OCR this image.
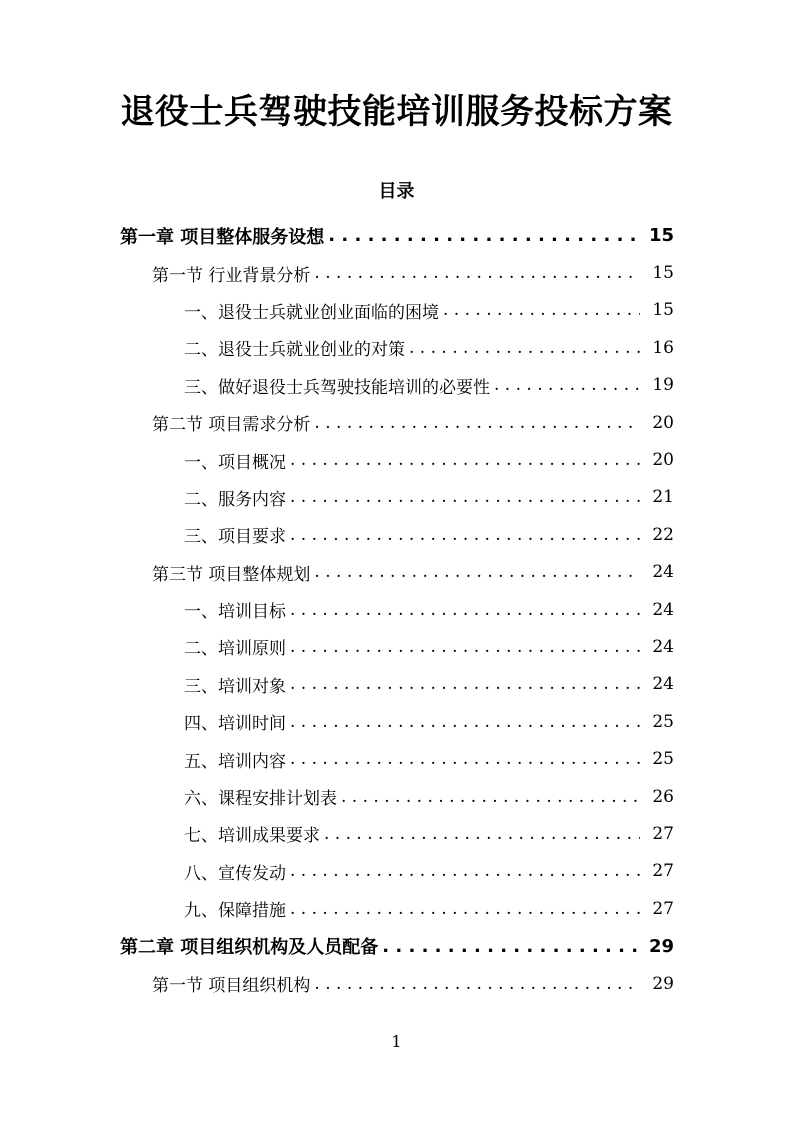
退役士兵驾驶技能培训服务投标方案
目录
第一章 项目整体服务设想 . . .	15
第一节 行业背景分析 . . .	15
一、退役士兵就业创业面临的困境 . . .	15
二、退役士兵就业创业的对策 . . .	16
三、做好退役士兵驾驶技能培训的必要性 . . .	19
第二节 项目需求分析 . . .	20
一、项目概况 . . .	20
二、服务内容 . . .	21
三、项目要求 . . .	22
第三节 项目整体规划 . . .	24
一、培训目标 . . .	24
二、培训原则 . . .	24
三、培训对象 . . .	24
四、培训时间 . . .	25
五、培训内容 . . .	25
六、课程安排计划表 . . .	26
七、培训成果要求 . . .	27
八、宣传发动 . . .	27
九、保障措施 . . .	27
第二章 项目组织机构及人员配备 . . .	29
第一节 项目组织机构 . . .	29
1
